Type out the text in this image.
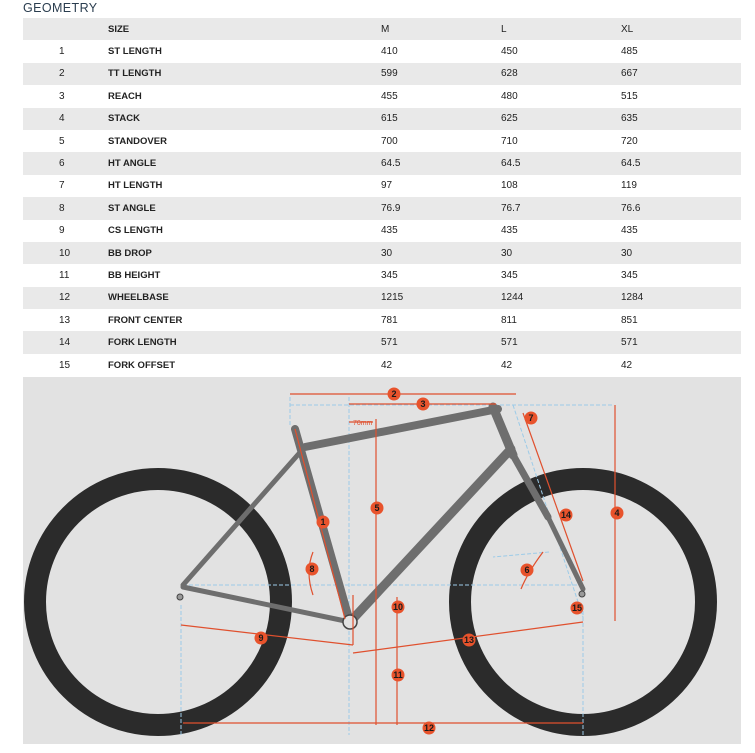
GEOMETRY
	SIZE	M	L	XL
1	ST LENGTH	410	450	485
2	TT LENGTH	599	628	667
3	REACH	455	480	515
4	STACK	615	625	635
5	STANDOVER	700	710	720
6	HT ANGLE	64.5	64.5	64.5
7	HT LENGTH	97	108	119
8	ST ANGLE	76.9	76.7	76.6
9	CS LENGTH	435	435	435
10	BB DROP	30	30	30
11	BB HEIGHT	345	345	345
12	WHEELBASE	1215	1244	1284
13	FRONT CENTER	781	811	851
14	FORK LENGTH	571	571	571
15	FORK OFFSET	42	42	42
70mm
1
2
3
4
5
6
7
8
9
10
11
12
13
14
15
